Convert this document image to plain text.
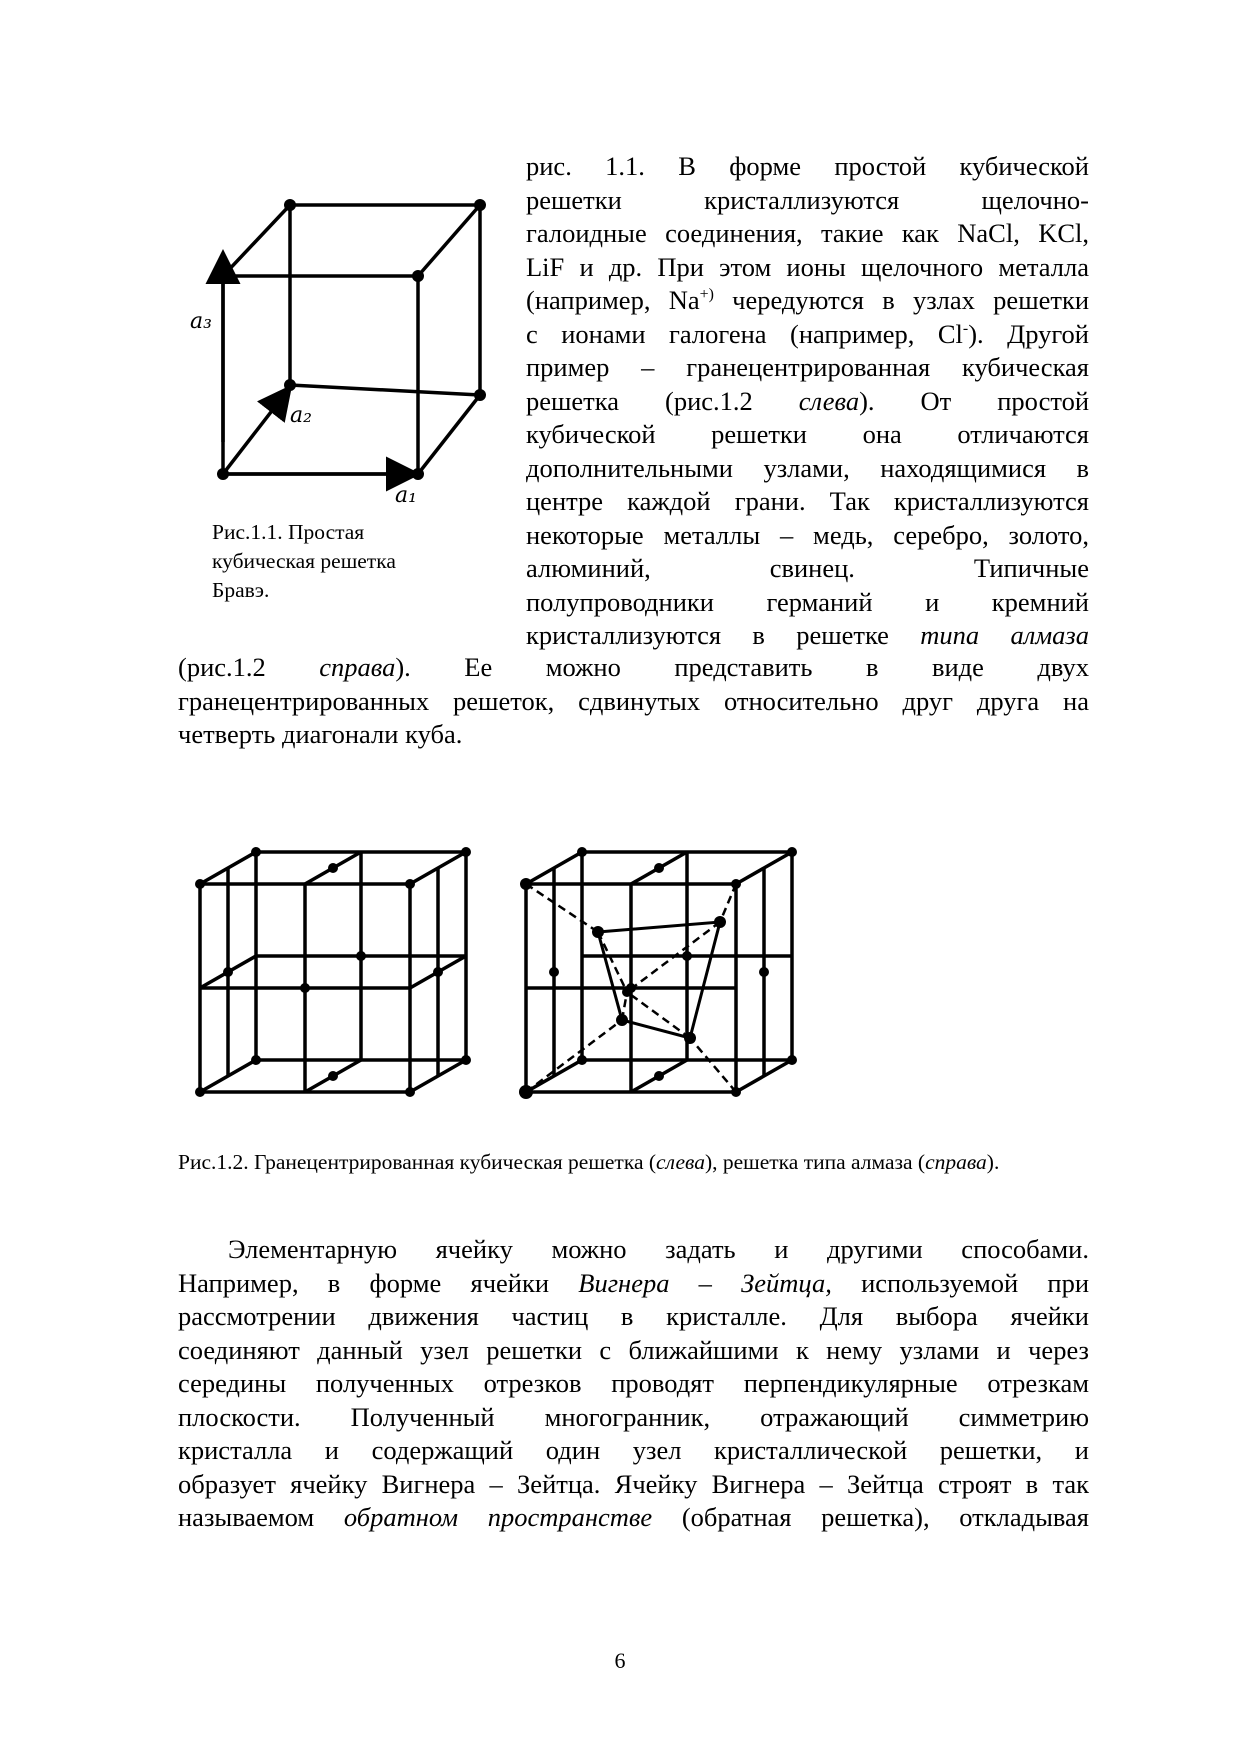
a₃
a₂
a₁
Рис.1.1. Простая
кубическая решетка
Бравэ.
рис. 1.1. В форме простой кубической
решетки кристаллизуются щелочно-
галоидные соединения, такие как NaCl, KCl,
LiF и др. При этом ионы щелочного металла
(например, Na+) чередуются в узлах решетки
с ионами галогена (например, Cl-). Другой
пример – гранецентрированная кубическая
решетка (рис.1.2 слева). От простой
кубической решетки она отличаются
дополнительными узлами, находящимися в
центре каждой грани. Так кристаллизуются
некоторые металлы – медь, серебро, золото,
алюминий, свинец. Типичные
полупроводники германий и кремний
кристаллизуются в решетке типа алмаза
(рис.1.2 справа). Ее можно представить в виде двух
гранецентрированных решеток, сдвинутых относительно друг друга на
четверть диагонали куба.
Рис.1.2. Гранецентрированная кубическая решетка (слева), решетка типа алмаза (справа).
Элементарную ячейку можно задать и другими способами.
Например, в форме ячейки Вигнера – Зейтца, используемой при
рассмотрении движения частиц в кристалле. Для выбора ячейки
соединяют данный узел решетки с ближайшими к нему узлами и через
середины полученных отрезков проводят перпендикулярные отрезкам
плоскости. Полученный многогранник, отражающий симметрию
кристалла и содержащий один узел кристаллической решетки, и
образует ячейку Вигнера – Зейтца. Ячейку Вигнера – Зейтца строят в так
называемом обратном пространстве (обратная решетка), откладывая
6
